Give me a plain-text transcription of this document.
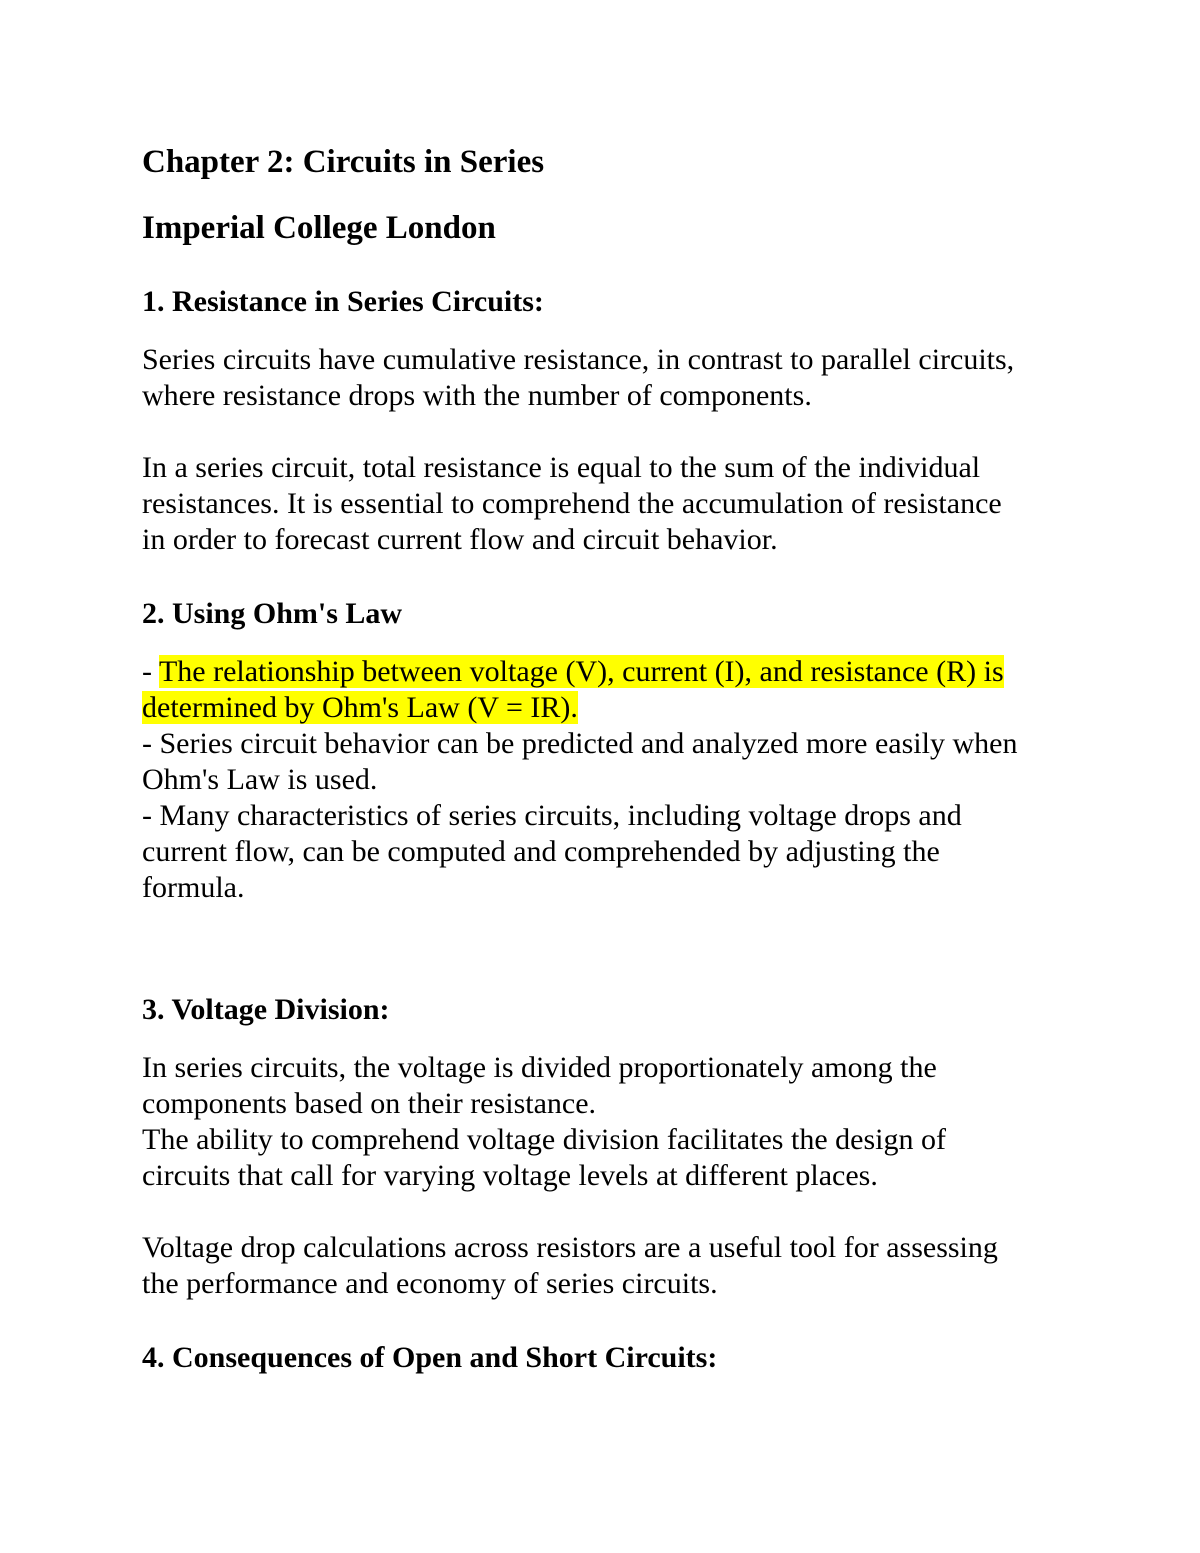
Chapter 2: Circuits in Series
Imperial College London
1. Resistance in Series Circuits:
Series circuits have cumulative resistance, in contrast to parallel circuits,
where resistance drops with the number of components.
In a series circuit, total resistance is equal to the sum of the individual
resistances. It is essential to comprehend the accumulation of resistance
in order to forecast current flow and circuit behavior.
2. Using Ohm's Law
- The relationship between voltage (V), current (I), and resistance (R) is
determined by Ohm's Law (V = IR).
- Series circuit behavior can be predicted and analyzed more easily when
Ohm's Law is used.
- Many characteristics of series circuits, including voltage drops and
current flow, can be computed and comprehended by adjusting the
formula.
3. Voltage Division:
In series circuits, the voltage is divided proportionately among the
components based on their resistance.
The ability to comprehend voltage division facilitates the design of
circuits that call for varying voltage levels at different places.
Voltage drop calculations across resistors are a useful tool for assessing
the performance and economy of series circuits.
4. Consequences of Open and Short Circuits:
